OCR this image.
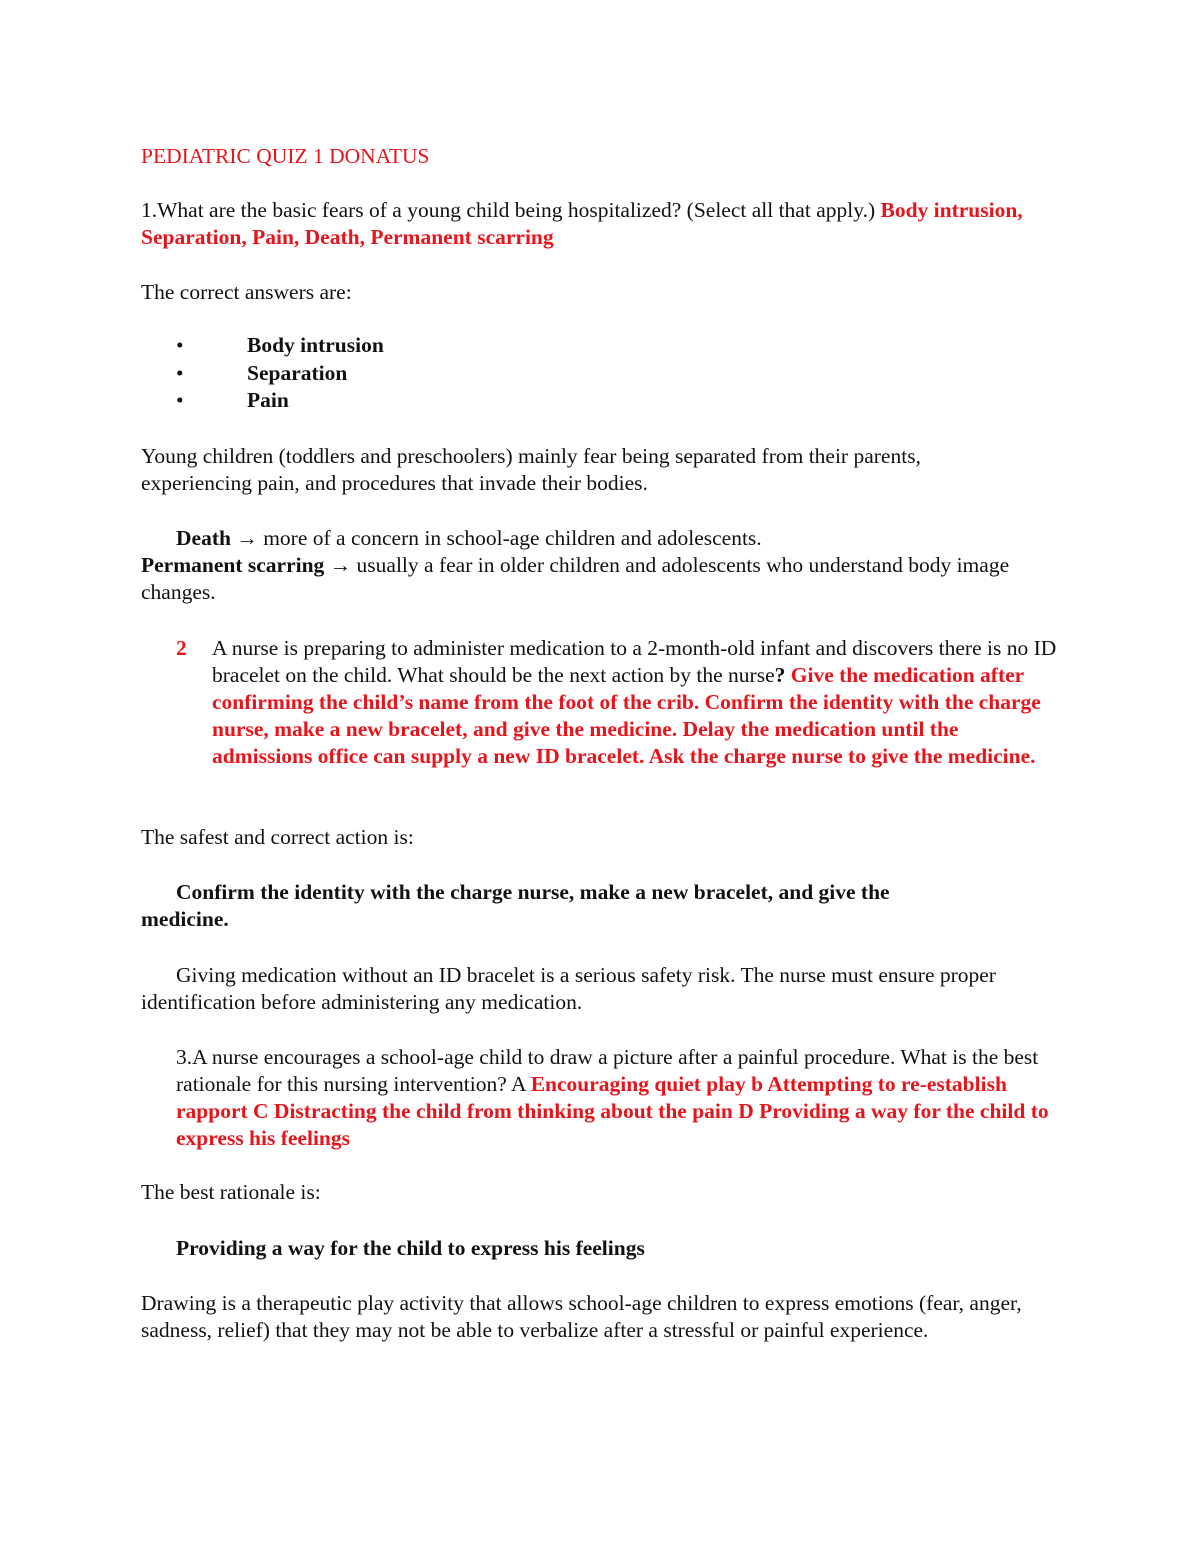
PEDIATRIC QUIZ 1 DONATUS
1.What are the basic fears of a young child being hospitalized? (Select all that apply.) Body intrusion, Separation, Pain, Death, Permanent scarring
The correct answers are:
•	Body intrusion
•	Separation
•	Pain
Young children (toddlers and preschoolers) mainly fear being separated from their parents, experiencing pain, and procedures that invade their bodies.
Death → more of a concern in school-age children and adolescents.
Permanent scarring → usually a fear in older children and adolescents who understand body image changes.
2 A nurse is preparing to administer medication to a 2-month-old infant and discovers there is no ID bracelet on the child. What should be the next action by the nurse? Give the medication after confirming the child’s name from the foot of the crib. Confirm the identity with the charge nurse, make a new bracelet, and give the medicine. Delay the medication until the admissions office can supply a new ID bracelet. Ask the charge nurse to give the medicine.
The safest and correct action is:
Confirm the identity with the charge nurse, make a new bracelet, and give the medicine.
Giving medication without an ID bracelet is a serious safety risk. The nurse must ensure proper identification before administering any medication.
3.A nurse encourages a school-age child to draw a picture after a painful procedure. What is the best rationale for this nursing intervention? A Encouraging quiet play b Attempting to re-establish rapport C Distracting the child from thinking about the pain D Providing a way for the child to express his feelings
The best rationale is:
Providing a way for the child to express his feelings
Drawing is a therapeutic play activity that allows school-age children to express emotions (fear, anger, sadness, relief) that they may not be able to verbalize after a stressful or painful experience.
